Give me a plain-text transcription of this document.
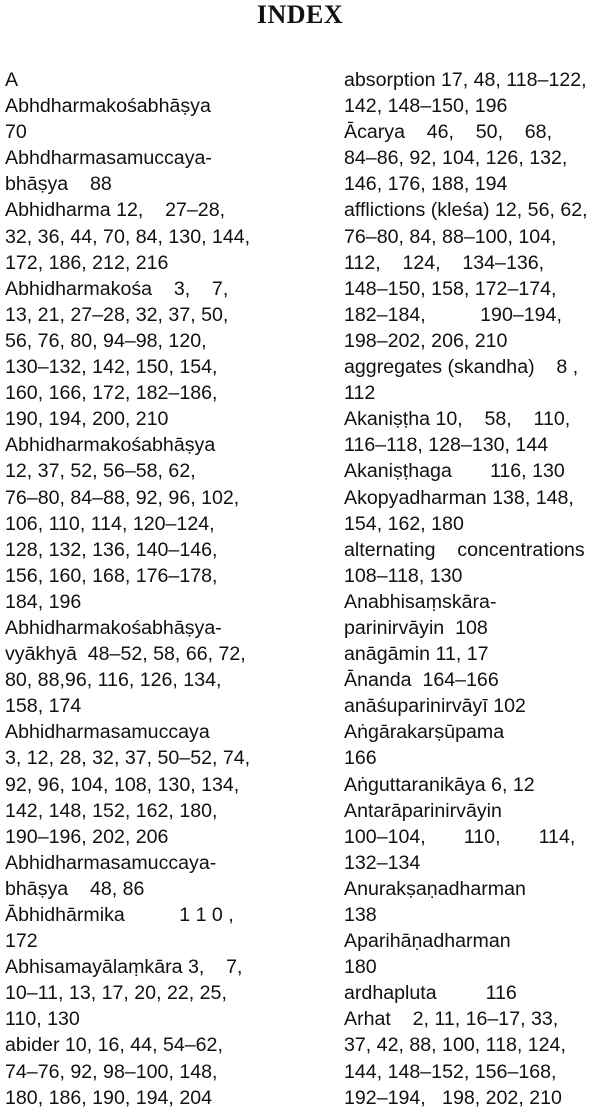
INDEX
A
Abhdharmakośabhāṣya
70
Abhdharmasamuccaya-
bhāṣya    88
Abhidharma 12,    27–28,
32, 36, 44, 70, 84, 130, 144,
172, 186, 212, 216
Abhidharmakośa    3,    7,
13, 21, 27–28, 32, 37, 50,
56, 76, 80, 94–98, 120,
130–132, 142, 150, 154,
160, 166, 172, 182–186,
190, 194, 200, 210
Abhidharmakośabhāṣya
12, 37, 52, 56–58, 62,
76–80, 84–88, 92, 96, 102,
106, 110, 114, 120–124,
128, 132, 136, 140–146,
156, 160, 168, 176–178,
184, 196
Abhidharmakośabhāṣya-
vyākhyā  48–52, 58, 66, 72,
80, 88,96, 116, 126, 134,
158, 174
Abhidharmasamuccaya
3, 12, 28, 32, 37, 50–52, 74,
92, 96, 104, 108, 130, 134,
142, 148, 152, 162, 180,
190–196, 202, 206
Abhidharmasamuccaya-
bhāṣya    48, 86
Ābhidhārmika          1 1 0 ,
172
Abhisamayālaṃkāra 3,    7,
10–11, 13, 17, 20, 22, 25,
110, 130
abider 10, 16, 44, 54–62,
74–76, 92, 98–100, 148,
180, 186, 190, 194, 204
absorption 17, 48, 118–122,
142, 148–150, 196
Ācarya    46,    50,    68,
84–86, 92, 104, 126, 132,
146, 176, 188, 194
afflictions (kleśa) 12, 56, 62,
76–80, 84, 88–100, 104,
112,    124,    134–136,
148–150, 158, 172–174,
182–184,          190–194,
198–202, 206, 210
aggregates (skandha)    8 ,
112
Akaniṣṭha 10,    58,    110,
116–118, 128–130, 144
Akaniṣṭhaga       116, 130
Akopyadharman 138, 148,
154, 162, 180
alternating    concentrations
108–118, 130
Anabhisaṃskāra-
parinirvāyin  108
anāgāmin 11, 17
Ānanda  164–166
anāśuparinirvāyī 102
Aṅgārakarṣūpama
166
Aṅguttaranikāya 6, 12
Antarāparinirvāyin
100–104,       110,       114,
132–134
Anurakṣaṇadharman
138
Aparihāṇadharman
180
ardhapluta         116
Arhat    2, 11, 16–17, 33,
37, 42, 88, 100, 118, 124,
144, 148–152, 156–168,
192–194,   198, 202, 210
